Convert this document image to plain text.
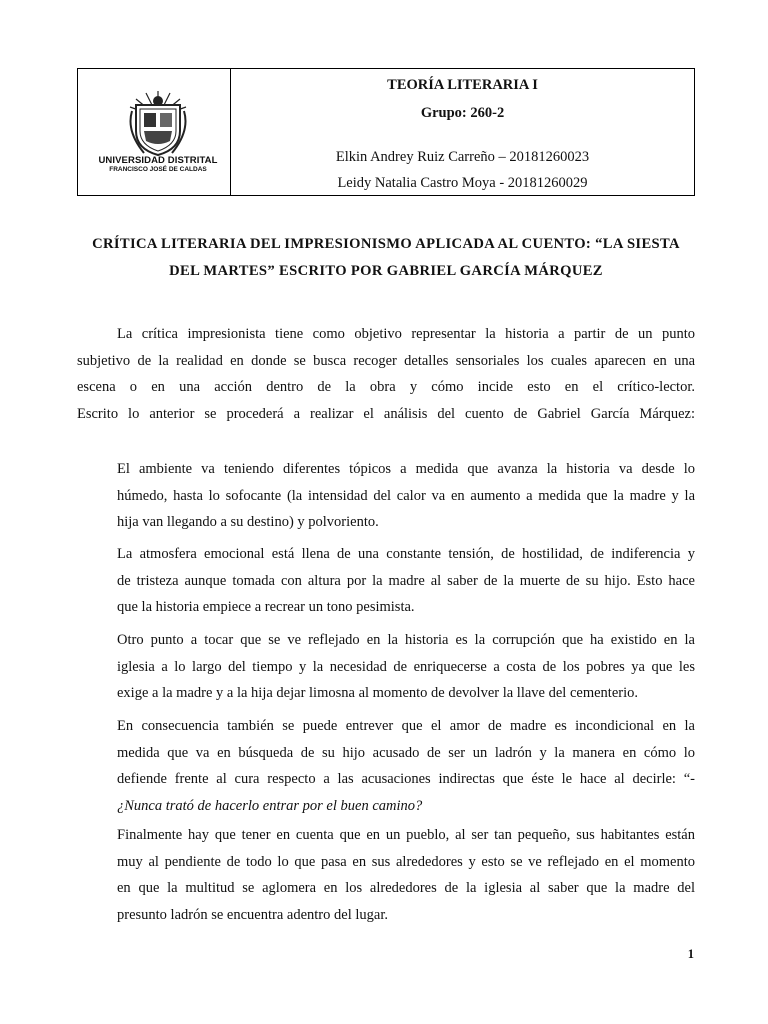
UNIVERSIDAD DISTRITAL
FRANCISCO JOSÉ DE CALDAS
TEORÍA LITERARIA I
Grupo: 260-2
Elkin Andrey Ruiz Carreño – 20181260023
Leidy Natalia Castro Moya - 20181260029
CRÍTICA LITERARIA DEL IMPRESIONISMO APLICADA AL CUENTO: “LA SIESTA
DEL MARTES” ESCRITO POR GABRIEL GARCÍA MÁRQUEZ
La crítica impresionista tiene como objetivo representar la historia a partir de un punto
subjetivo de la realidad en donde se busca recoger detalles sensoriales los cuales aparecen en una
escena o en una acción dentro de la obra y cómo incide esto en el crítico-lector.
Escrito lo anterior se procederá a realizar el análisis del cuento de Gabriel García Márquez:
El ambiente va teniendo diferentes tópicos a medida que avanza la historia va desde lo
húmedo, hasta lo sofocante (la intensidad del calor va en aumento a medida que la madre y la
hija van llegando a su destino) y polvoriento.
La atmosfera emocional está llena de una constante tensión, de hostilidad, de indiferencia y
de tristeza aunque tomada con altura por la madre al saber de la muerte de su hijo. Esto hace
que la historia empiece a recrear un tono pesimista.
Otro punto a tocar que se ve reflejado en la historia es la corrupción que ha existido en la
iglesia a lo largo del tiempo y la necesidad de enriquecerse a costa de los pobres ya que les
exige a la madre y a la hija dejar limosna al momento de devolver la llave del cementerio.
En consecuencia también se puede entrever que el amor de madre es incondicional en la
medida que va en búsqueda de su hijo acusado de ser un ladrón y la manera en cómo lo
defiende frente al cura respecto a las acusaciones indirectas que éste le hace al decirle: “-
¿Nunca trató de hacerlo entrar por el buen camino?
Finalmente hay que tener en cuenta que en un pueblo, al ser tan pequeño, sus habitantes están
muy al pendiente de todo lo que pasa en sus alrededores y esto se ve reflejado en el momento
en que la multitud se aglomera en los alrededores de la iglesia al saber que la madre del
presunto ladrón se encuentra adentro del lugar.
1
